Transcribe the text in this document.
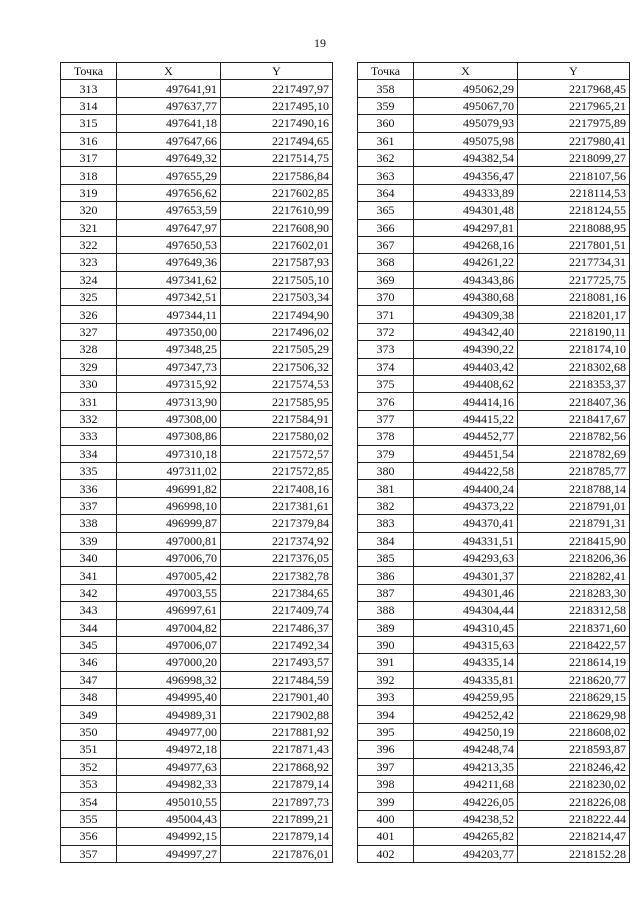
19
Точка	X	Y
313	497641,91	2217497,97
314	497637,77	2217495,10
315	497641,18	2217490,16
316	497647,66	2217494,65
317	497649,32	2217514,75
318	497655,29	2217586,84
319	497656,62	2217602,85
320	497653,59	2217610,99
321	497647,97	2217608,90
322	497650,53	2217602,01
323	497649,36	2217587,93
324	497341,62	2217505,10
325	497342,51	2217503,34
326	497344,11	2217494,90
327	497350,00	2217496,02
328	497348,25	2217505,29
329	497347,73	2217506,32
330	497315,92	2217574,53
331	497313,90	2217585,95
332	497308,00	2217584,91
333	497308,86	2217580,02
334	497310,18	2217572,57
335	497311,02	2217572,85
336	496991,82	2217408,16
337	496998,10	2217381,61
338	496999,87	2217379,84
339	497000,81	2217374,92
340	497006,70	2217376,05
341	497005,42	2217382,78
342	497003,55	2217384,65
343	496997,61	2217409,74
344	497004,82	2217486,37
345	497006,07	2217492,34
346	497000,20	2217493,57
347	496998,32	2217484,59
348	494995,40	2217901,40
349	494989,31	2217902,88
350	494977,00	2217881,92
351	494972,18	2217871,43
352	494977,63	2217868,92
353	494982,33	2217879,14
354	495010,55	2217897,73
355	495004,43	2217899,21
356	494992,15	2217879,14
357	494997,27	2217876,01
Точка	X	Y
358	495062,29	2217968,45
359	495067,70	2217965,21
360	495079,93	2217975,89
361	495075,98	2217980,41
362	494382,54	2218099,27
363	494356,47	2218107,56
364	494333,89	2218114,53
365	494301,48	2218124,55
366	494297,81	2218088,95
367	494268,16	2217801,51
368	494261,22	2217734,31
369	494343,86	2217725,75
370	494380,68	2218081,16
371	494309,38	2218201,17
372	494342,40	2218190,11
373	494390,22	2218174,10
374	494403,42	2218302,68
375	494408,62	2218353,37
376	494414,16	2218407,36
377	494415,22	2218417,67
378	494452,77	2218782,56
379	494451,54	2218782,69
380	494422,58	2218785,77
381	494400,24	2218788,14
382	494373,22	2218791,01
383	494370,41	2218791,31
384	494331,51	2218415,90
385	494293,63	2218206,36
386	494301,37	2218282,41
387	494301,46	2218283,30
388	494304,44	2218312,58
389	494310,45	2218371,60
390	494315,63	2218422,57
391	494335,14	2218614,19
392	494335,81	2218620,77
393	494259,95	2218629,15
394	494252,42	2218629,98
395	494250,19	2218608,02
396	494248,74	2218593,87
397	494213,35	2218246,42
398	494211,68	2218230,02
399	494226,05	2218226,08
400	494238,52	2218222.44
401	494265,82	2218214,47
402	494203,77	2218152.28
